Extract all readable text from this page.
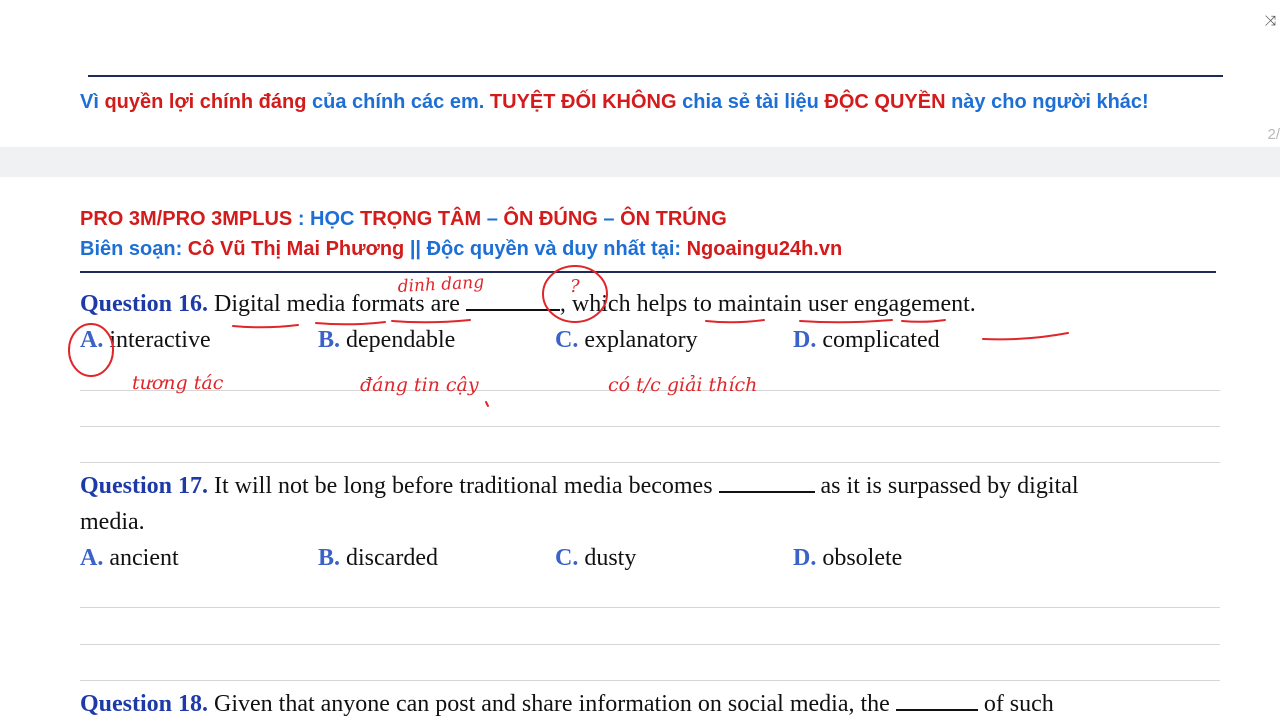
⤨
Vì quyền lợi chính đáng của chính các em. TUYỆT ĐỐI KHÔNG chia sẻ tài liệu ĐỘC QUYỀN này cho người khác!
2/
PRO 3M/PRO 3MPLUS : HỌC TRỌNG TÂM – ÔN ĐÚNG – ÔN TRÚNG
Biên soạn: Cô Vũ Thị Mai Phương || Độc quyền và duy nhất tại: Ngoaingu24h.vn
Question 16. Digital media formats are	, which helps to maintain user engagement.
A. interactive	B. dependable	C. explanatory	D. complicated
Question 17. It will not be long before traditional media becomes	as it is surpassed by digital
media.
A. ancient	B. discarded	C. dusty	D. obsolete
Question 18. Given that anyone can post and share information on social media, the	of such
dinh dang	?
tương tác	đáng tin cậy	có t/c giải thích
